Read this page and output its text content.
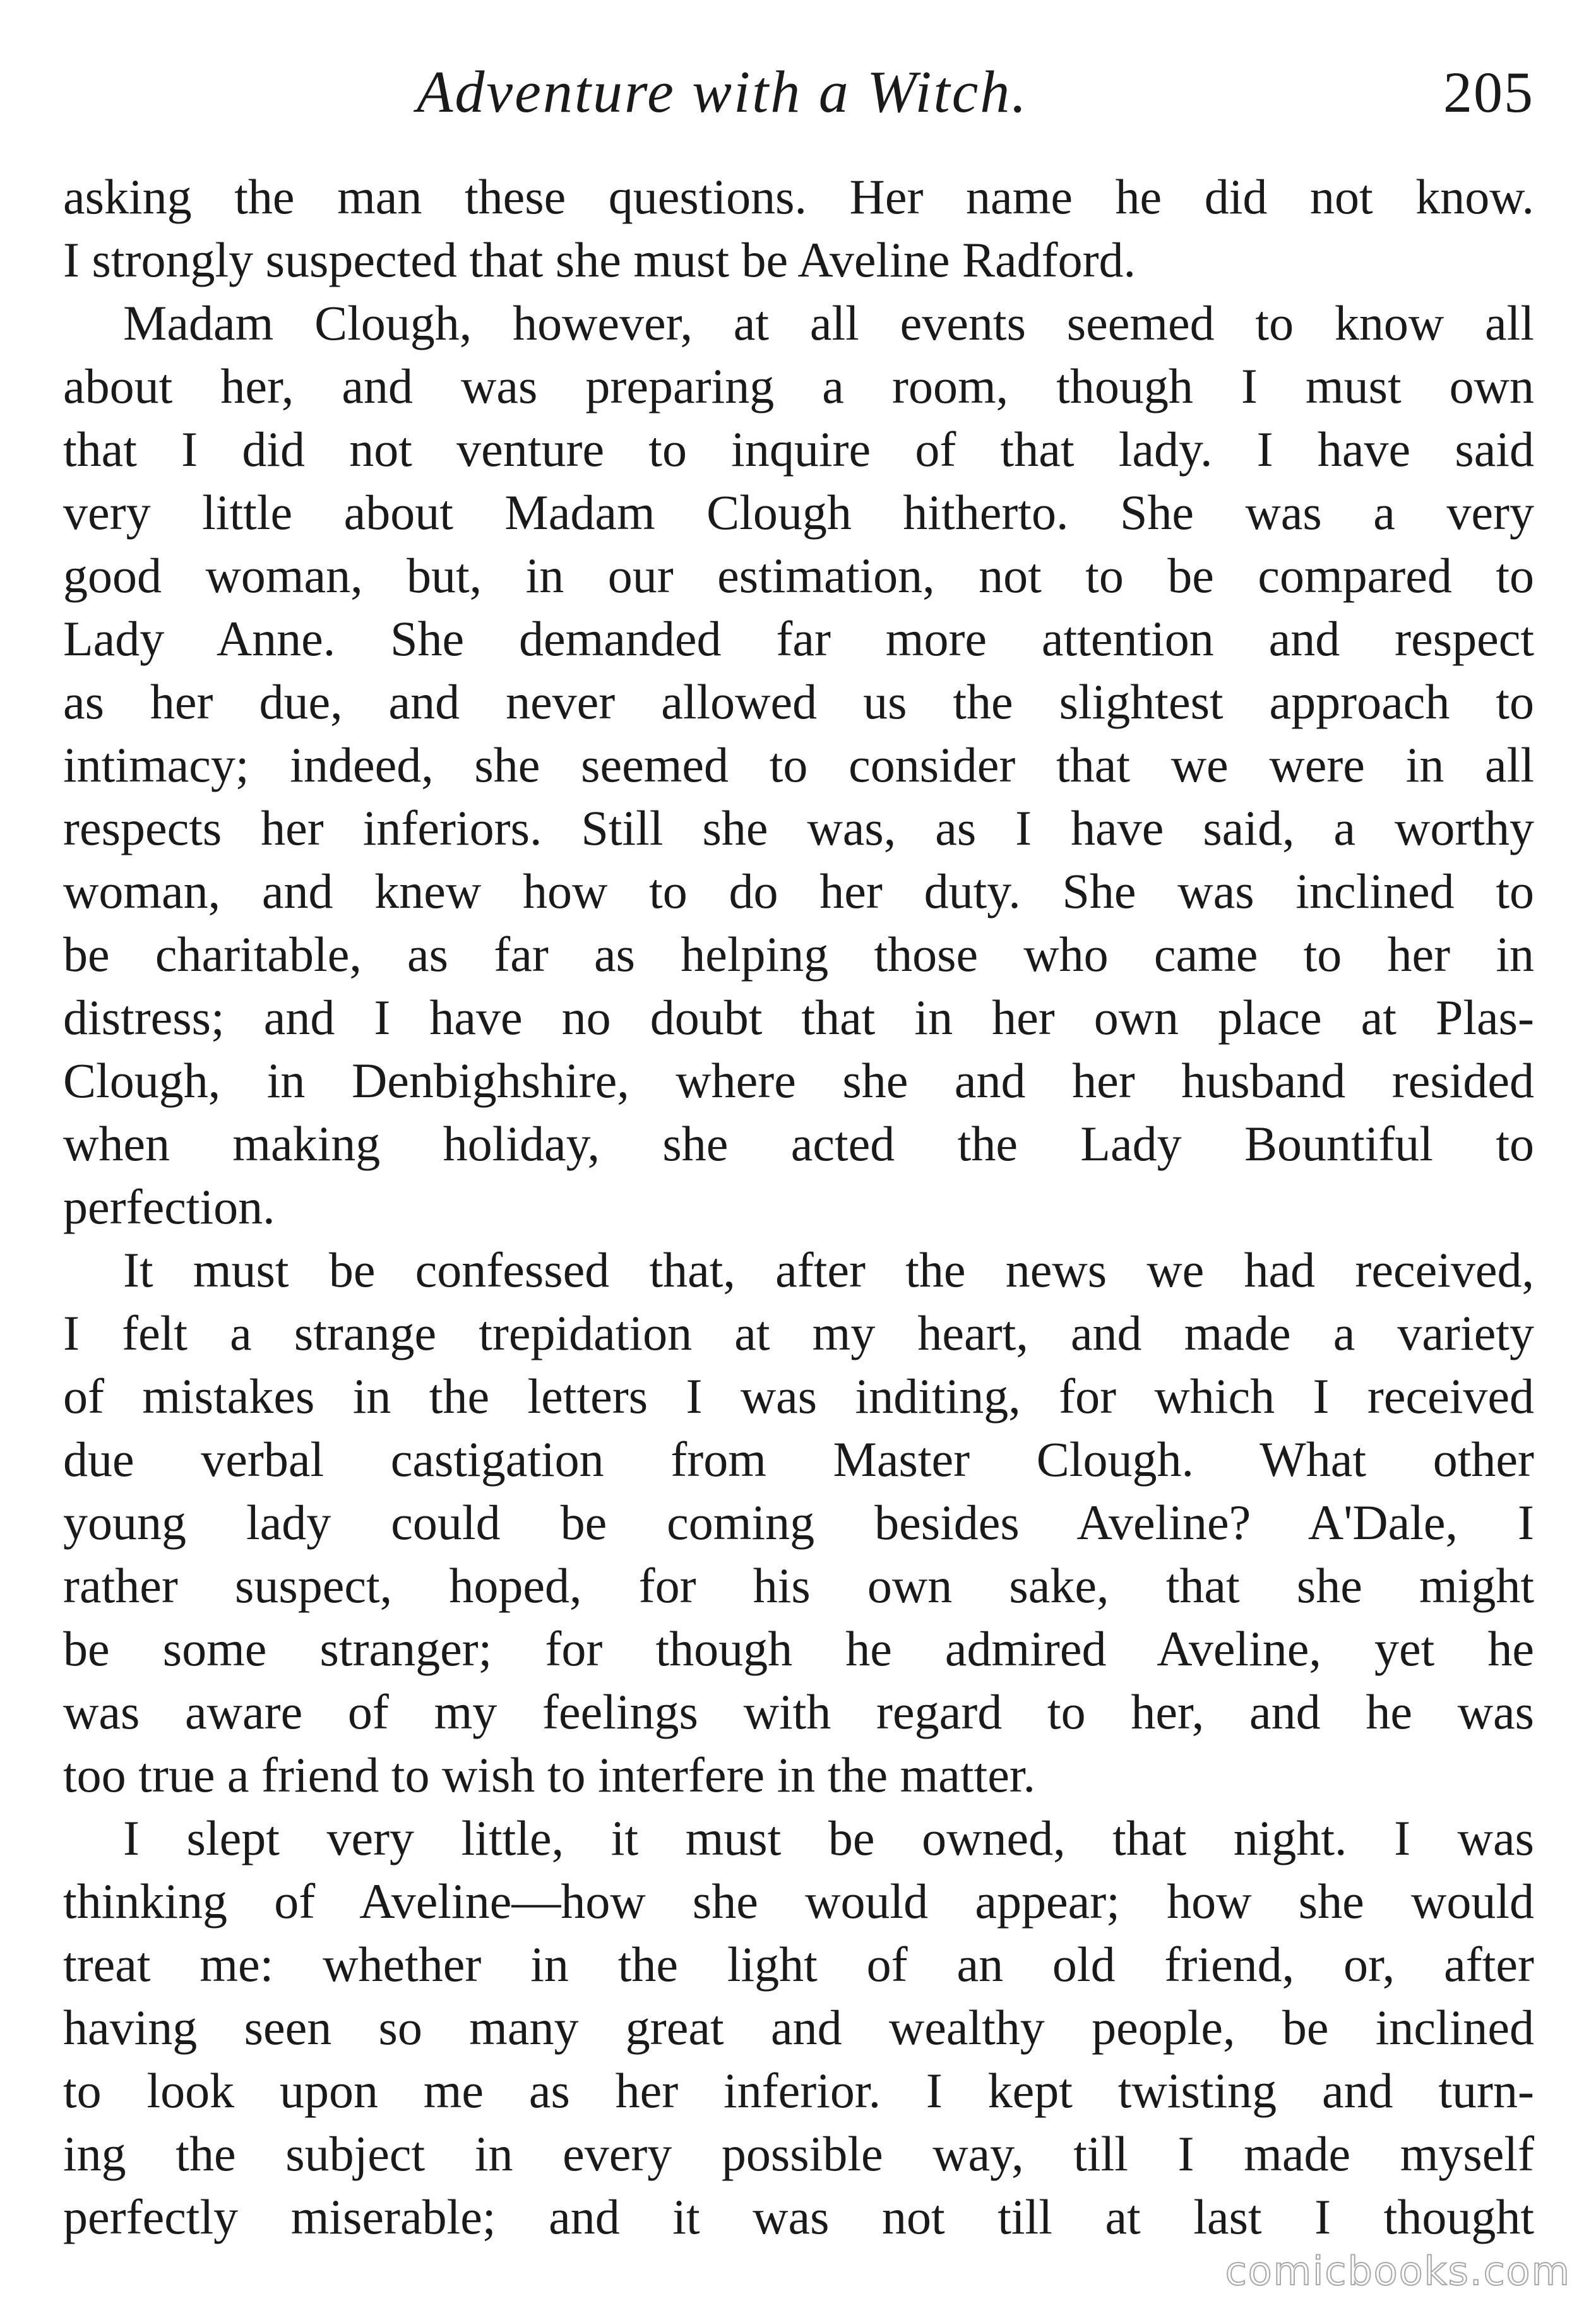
Adventure with a Witch.	205
asking the man these questions. Her name he did not know.
I strongly suspected that she must be Aveline Radford.
Madam Clough, however, at all events seemed to know all
about her, and was preparing a room, though I must own
that I did not venture to inquire of that lady. I have said
very little about Madam Clough hitherto. She was a very
good woman, but, in our estimation, not to be compared to
Lady Anne. She demanded far more attention and respect
as her due, and never allowed us the slightest approach to
intimacy; indeed, she seemed to consider that we were in all
respects her inferiors. Still she was, as I have said, a worthy
woman, and knew how to do her duty. She was inclined to
be charitable, as far as helping those who came to her in
distress; and I have no doubt that in her own place at Plas-
Clough, in Denbighshire, where she and her husband resided
when making holiday, she acted the Lady Bountiful to
perfection.
It must be confessed that, after the news we had received,
I felt a strange trepidation at my heart, and made a variety
of mistakes in the letters I was inditing, for which I received
due verbal castigation from Master Clough. What other
young lady could be coming besides Aveline? A'Dale, I
rather suspect, hoped, for his own sake, that she might
be some stranger; for though he admired Aveline, yet he
was aware of my feelings with regard to her, and he was
too true a friend to wish to interfere in the matter.
I slept very little, it must be owned, that night. I was
thinking of Aveline—how she would appear; how she would
treat me: whether in the light of an old friend, or, after
having seen so many great and wealthy people, be inclined
to look upon me as her inferior. I kept twisting and turn-
ing the subject in every possible way, till I made myself
perfectly miserable; and it was not till at last I thought
comicbooks.com
